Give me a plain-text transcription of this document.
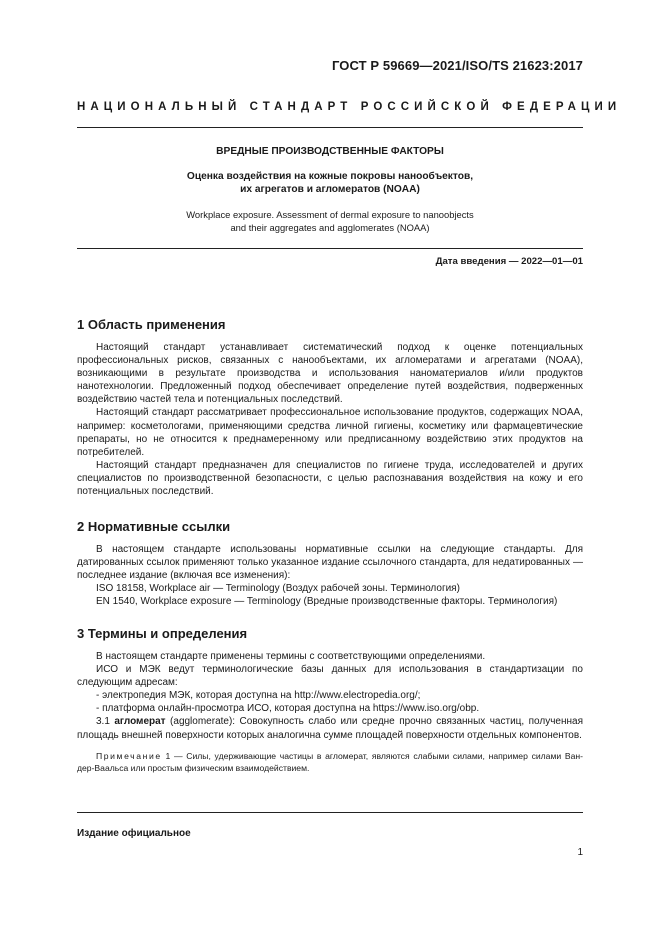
ГОСТ Р 59669—2021/ISO/TS 21623:2017

НАЦИОНАЛЬНЫЙ СТАНДАРТ РОССИЙСКОЙ ФЕДЕРАЦИИ

ВРЕДНЫЕ ПРОИЗВОДСТВЕННЫЕ ФАКТОРЫ

Оценка воздействия на кожные покровы нанообъектов,
их агрегатов и агломератов (NOAA)

Workplace exposure. Assessment of dermal exposure to nanoobjects
and their aggregates and agglomerates (NOAA)

Дата введения — 2022—01—01

1 Область применения

Настоящий стандарт устанавливает систематический подход к оценке потенциальных профессиональных рисков, связанных с нанообъектами, их агломератами и агрегатами (NOAA), возникающими в результате производства и использования наноматериалов и/или продуктов нанотехнологии. Предложенный подход обеспечивает определение путей воздействия, подверженных воздействию частей тела и потенциальных последствий.

Настоящий стандарт рассматривает профессиональное использование продуктов, содержащих NOAA, например: косметологами, применяющими средства личной гигиены, косметику или фармацевтические препараты, но не относится к преднамеренному или предписанному воздействию этих продуктов на потребителей.

Настоящий стандарт предназначен для специалистов по гигиене труда, исследователей и других специалистов по производственной безопасности, с целью распознавания воздействия на кожу и его потенциальных последствий.

2 Нормативные ссылки

В настоящем стандарте использованы нормативные ссылки на следующие стандарты. Для датированных ссылок применяют только указанное издание ссылочного стандарта, для недатированных — последнее издание (включая все изменения):

ISO 18158, Workplace air — Terminology (Воздух рабочей зоны. Терминология)

EN 1540, Workplace exposure — Terminology (Вредные производственные факторы. Терминология)

3 Термины и определения

В настоящем стандарте применены термины с соответствующими определениями.

ИСО и МЭК ведут терминологические базы данных для использования в стандартизации по следующим адресам:

- электропедия МЭК, которая доступна на http://www.electropedia.org/;

- платформа онлайн-просмотра ИСО, которая доступна на https://www.iso.org/obp.

3.1 агломерат (agglomerate): Совокупность слабо или средне прочно связанных частиц, полученная площадь внешней поверхности которых аналогична сумме площадей поверхности отдельных компонентов.

Примечание 1 — Силы, удерживающие частицы в агломерат, являются слабыми силами, например силами Ван-дер-Ваальса или простым физическим взаимодействием.

Издание официальное

1
